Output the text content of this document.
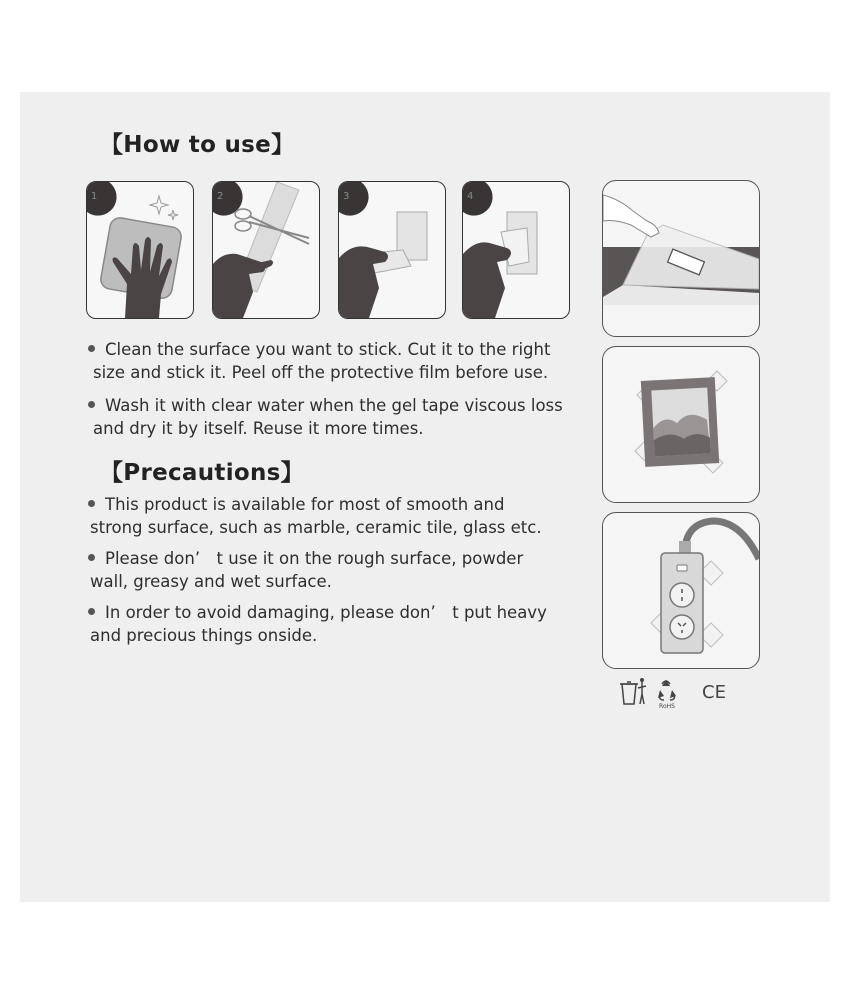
【How to use】
1	2	3	4
Clean the surface you want to stick. Cut it to the right
size and stick it. Peel off the protective film before use.
Wash it with clear water when the gel tape viscous loss
and dry it by itself. Reuse it more times.
【Precautions】
This product is available for most of smooth and
strong surface, such as marble, ceramic tile, glass etc.
Please don’　t use it on the rough surface, powder
wall, greasy and wet surface.
In order to avoid damaging, please don’　t put heavy
and precious things onside.
RoHS
CE
